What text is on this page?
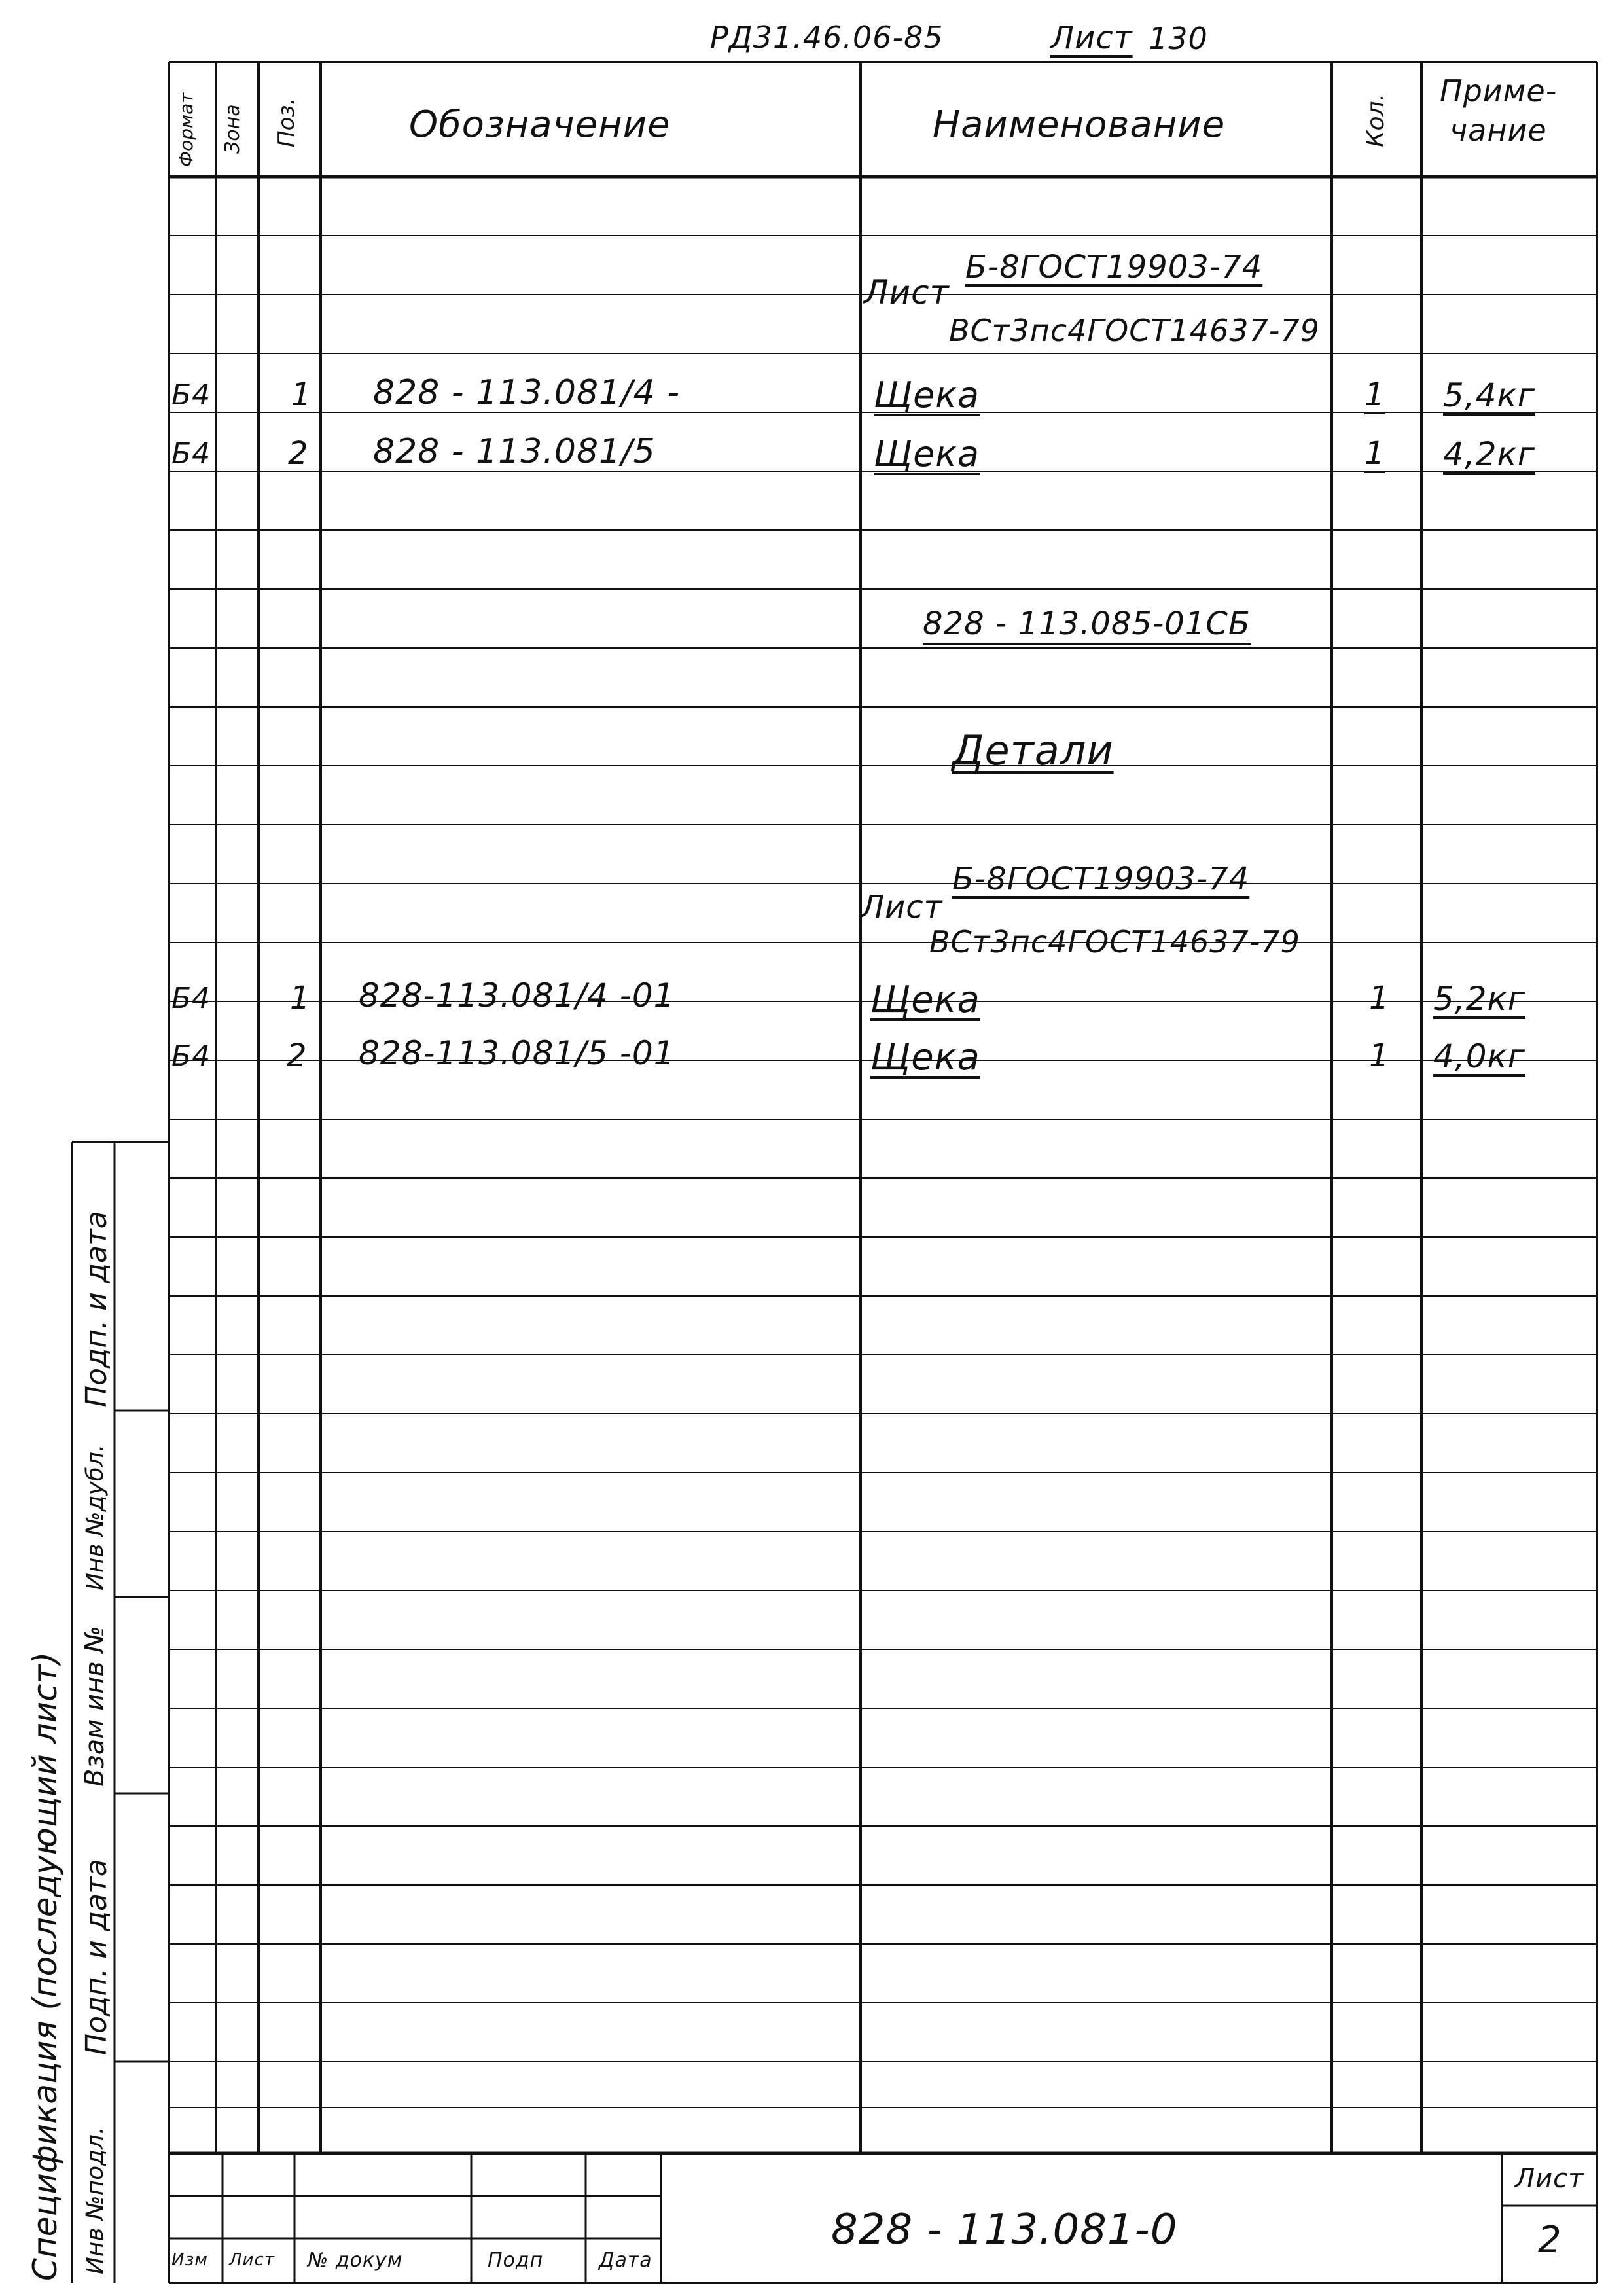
РД31.46.06-85	Лист 130
Формат Зона Поз.	Обозначение	Наименование	Кол.
Приме-
чание
Лист
Б-8ГОСТ19903-74
ВСт3пс4ГОСТ14637-79
Б4	1 828 - 113.081/4 -	Щека	1 5,4кг
Б4 2 828 - 113.081/5	Щека	1 4,2кг
828 - 113.085-01СБ
Детали
Лист
Б-8ГОСТ19903-74
ВСт3пс4ГОСТ14637-79
Б4	1 828-113.081/4 -01	Щека	1 5,2кг
Б4 2 828-113.081/5 -01	Щека	1 4,0кг
Спецификация (последующий лист)
Подп. и дата
Инв №дубл.
Взам инв №
Подп. и дата
Инв №подл.	Изм Лист № докум	Подп	Дата
828 - 113.081-0
Лист
2
